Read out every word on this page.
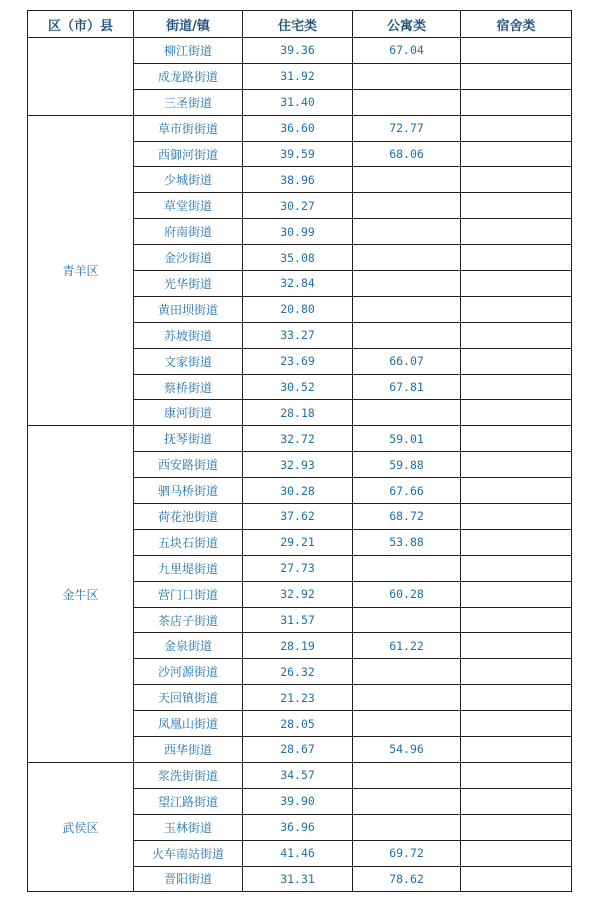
区（市）县	街道/镇	住宅类	公寓类	宿舍类
	柳江街道	39.36	67.04	
	成龙路街道	31.92		
	三圣街道	31.40		
青羊区	草市街街道	36.60	72.77	
	西御河街道	39.59	68.06	
	少城街道	38.96		
	草堂街道	30.27		
	府南街道	30.99		
	金沙街道	35.08		
	光华街道	32.84		
	黄田坝街道	20.80		
	苏坡街道	33.27		
	文家街道	23.69	66.07	
	蔡桥街道	30.52	67.81	
	康河街道	28.18		
金牛区	抚琴街道	32.72	59.01	
	西安路街道	32.93	59.88	
	驷马桥街道	30.28	67.66	
	荷花池街道	37.62	68.72	
	五块石街道	29.21	53.88	
	九里堤街道	27.73		
	营门口街道	32.92	60.28	
	茶店子街道	31.57		
	金泉街道	28.19	61.22	
	沙河源街道	26.32		
	天回镇街道	21.23		
	凤凰山街道	28.05		
	西华街道	28.67	54.96	
武侯区	浆洗街街道	34.57		
	望江路街道	39.90		
	玉林街道	36.96		
	火车南站街道	41.46	69.72	
	晋阳街道	31.31	78.62	
